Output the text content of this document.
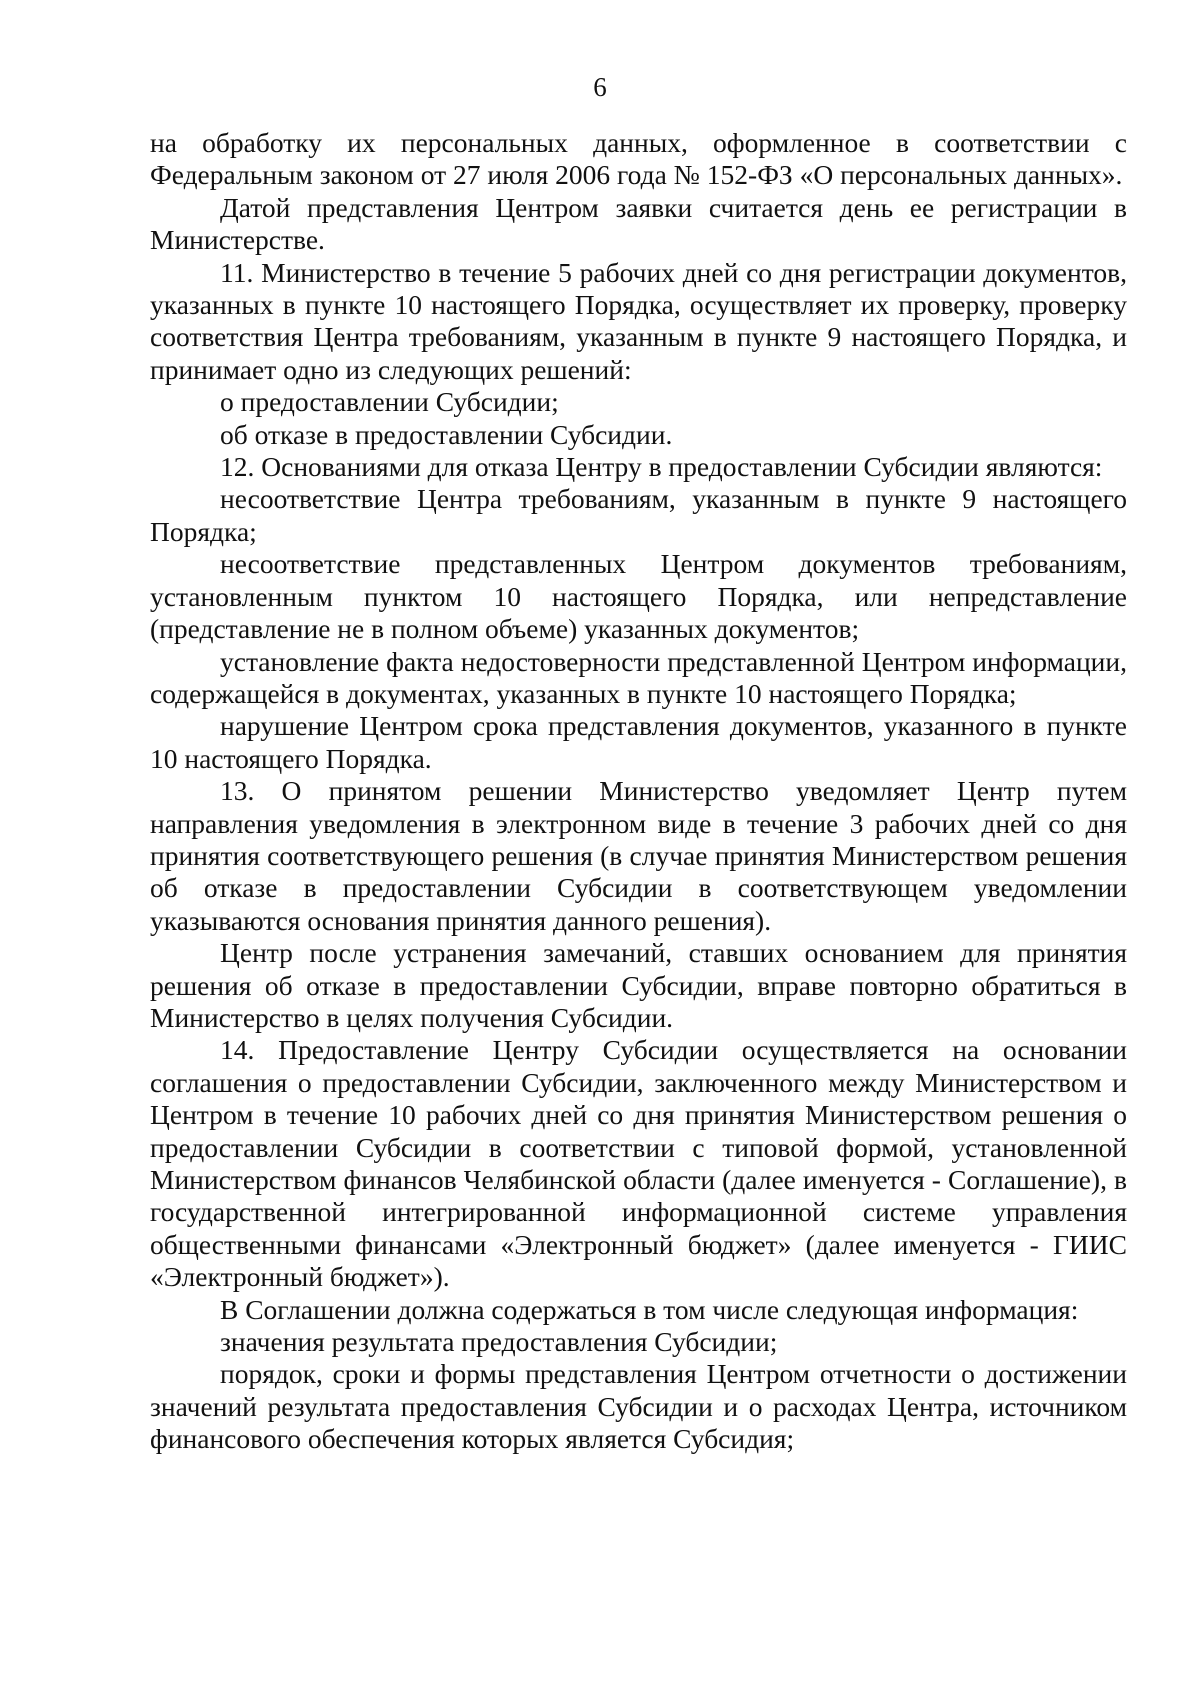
6

на обработку их персональных данных, оформленное в соответствии с Федеральным законом от 27 июля 2006 года № 152-ФЗ «О персональных данных».

Датой представления Центром заявки считается день ее регистрации в Министерстве.

11. Министерство в течение 5 рабочих дней со дня регистрации документов, указанных в пункте 10 настоящего Порядка, осуществляет их проверку, проверку соответствия Центра требованиям, указанным в пункте 9 настоящего Порядка, и принимает одно из следующих решений:

о предоставлении Субсидии;

об отказе в предоставлении Субсидии.

12. Основаниями для отказа Центру в предоставлении Субсидии являются:

несоответствие Центра требованиям, указанным в пункте 9 настоящего Порядка;

несоответствие представленных Центром документов требованиям, установленным пунктом 10 настоящего Порядка, или непредставление (представление не в полном объеме) указанных документов;

установление факта недостоверности представленной Центром информации, содержащейся в документах, указанных в пункте 10 настоящего Порядка;

нарушение Центром срока представления документов, указанного в пункте 10 настоящего Порядка.

13. О принятом решении Министерство уведомляет Центр путем направления уведомления в электронном виде в течение 3 рабочих дней со дня принятия соответствующего решения (в случае принятия Министерством решения об отказе в предоставлении Субсидии в соответствующем уведомлении указываются основания принятия данного решения).

Центр после устранения замечаний, ставших основанием для принятия решения об отказе в предоставлении Субсидии, вправе повторно обратиться в Министерство в целях получения Субсидии.

14. Предоставление Центру Субсидии осуществляется на основании соглашения о предоставлении Субсидии, заключенного между Министерством и Центром в течение 10 рабочих дней со дня принятия Министерством решения о предоставлении Субсидии в соответствии с типовой формой, установленной Министерством финансов Челябинской области (далее именуется - Соглашение), в государственной интегрированной информационной системе управления общественными финансами «Электронный бюджет» (далее именуется - ГИИС «Электронный бюджет»).

В Соглашении должна содержаться в том числе следующая информация:

значения результата предоставления Субсидии;

порядок, сроки и формы представления Центром отчетности о достижении значений результата предоставления Субсидии и о расходах Центра, источником финансового обеспечения которых является Субсидия;
